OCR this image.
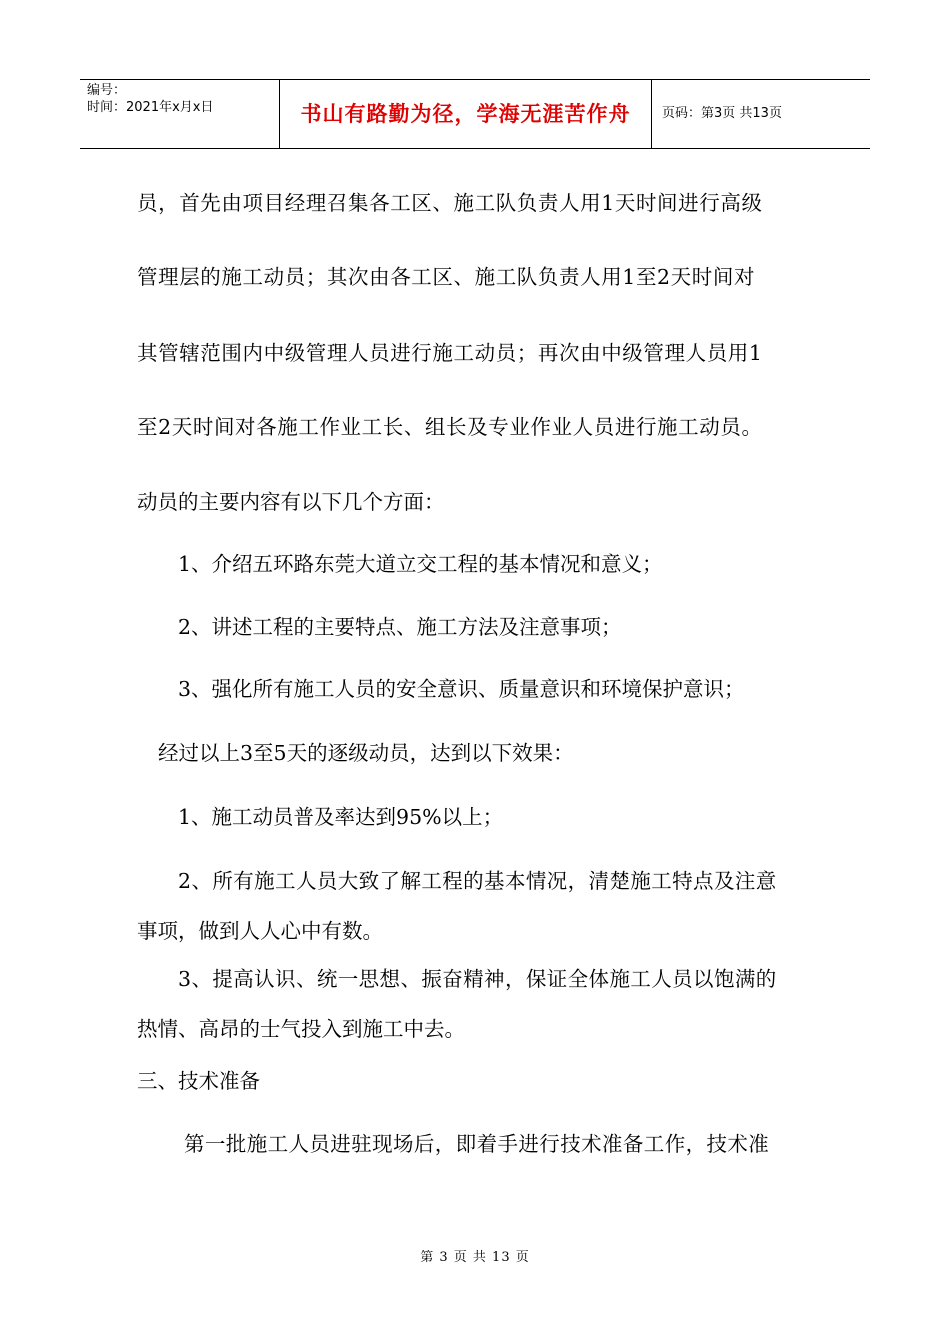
编号：
时间：2021年x月x日	书山有路勤为径，学海无涯苦作舟	页码：第3页 共13页
员，首先由项目经理召集各工区、施工队负责人用1天时间进行高级
管理层的施工动员；其次由各工区、施工队负责人用1至2天时间对
其管辖范围内中级管理人员进行施工动员；再次由中级管理人员用1
至2天时间对各施工作业工长、组长及专业作业人员进行施工动员。
动员的主要内容有以下几个方面：
1、介绍五环路东莞大道立交工程的基本情况和意义；
2、讲述工程的主要特点、施工方法及注意事项；
3、强化所有施工人员的安全意识、质量意识和环境保护意识；
经过以上3至5天的逐级动员，达到以下效果：
1、施工动员普及率达到95%以上；
2、所有施工人员大致了解工程的基本情况，清楚施工特点及注意
事项，做到人人心中有数。
3、提高认识、统一思想、振奋精神，保证全体施工人员以饱满的
热情、高昂的士气投入到施工中去。
三、技术准备
第一批施工人员进驻现场后，即着手进行技术准备工作，技术准
第 3 页 共 13 页
